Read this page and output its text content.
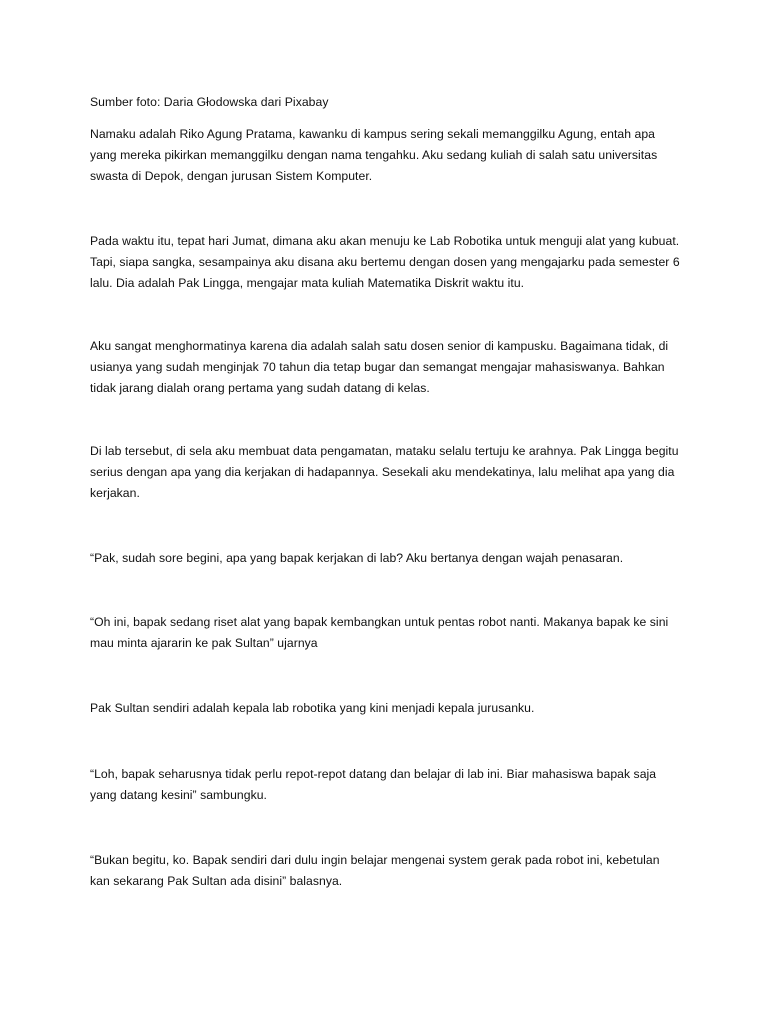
Sumber foto: Daria Głodowska dari Pixabay

Namaku adalah Riko Agung Pratama, kawanku di kampus sering sekali memanggilku Agung, entah apa yang mereka pikirkan memanggilku dengan nama tengahku. Aku sedang kuliah di salah satu universitas swasta di Depok, dengan jurusan Sistem Komputer.

Pada waktu itu, tepat hari Jumat, dimana aku akan menuju ke Lab Robotika untuk menguji alat yang kubuat. Tapi, siapa sangka, sesampainya aku disana aku bertemu dengan dosen yang mengajarku pada semester 6 lalu. Dia adalah Pak Lingga, mengajar mata kuliah Matematika Diskrit waktu itu.

Aku sangat menghormatinya karena dia adalah salah satu dosen senior di kampusku. Bagaimana tidak, di usianya yang sudah menginjak 70 tahun dia tetap bugar dan semangat mengajar mahasiswanya. Bahkan tidak jarang dialah orang pertama yang sudah datang di kelas.

Di lab tersebut, di sela aku membuat data pengamatan, mataku selalu tertuju ke arahnya. Pak Lingga begitu serius dengan apa yang dia kerjakan di hadapannya. Sesekali aku mendekatinya, lalu melihat apa yang dia kerjakan.

“Pak, sudah sore begini, apa yang bapak kerjakan di lab? Aku bertanya dengan wajah penasaran.

“Oh ini, bapak sedang riset alat yang bapak kembangkan untuk pentas robot nanti. Makanya bapak ke sini mau minta ajararin ke pak Sultan” ujarnya

Pak Sultan sendiri adalah kepala lab robotika yang kini menjadi kepala jurusanku.

“Loh, bapak seharusnya tidak perlu repot-repot datang dan belajar di lab ini. Biar mahasiswa bapak saja yang datang kesini” sambungku.

“Bukan begitu, ko. Bapak sendiri dari dulu ingin belajar mengenai system gerak pada robot ini, kebetulan kan sekarang Pak Sultan ada disini” balasnya.
